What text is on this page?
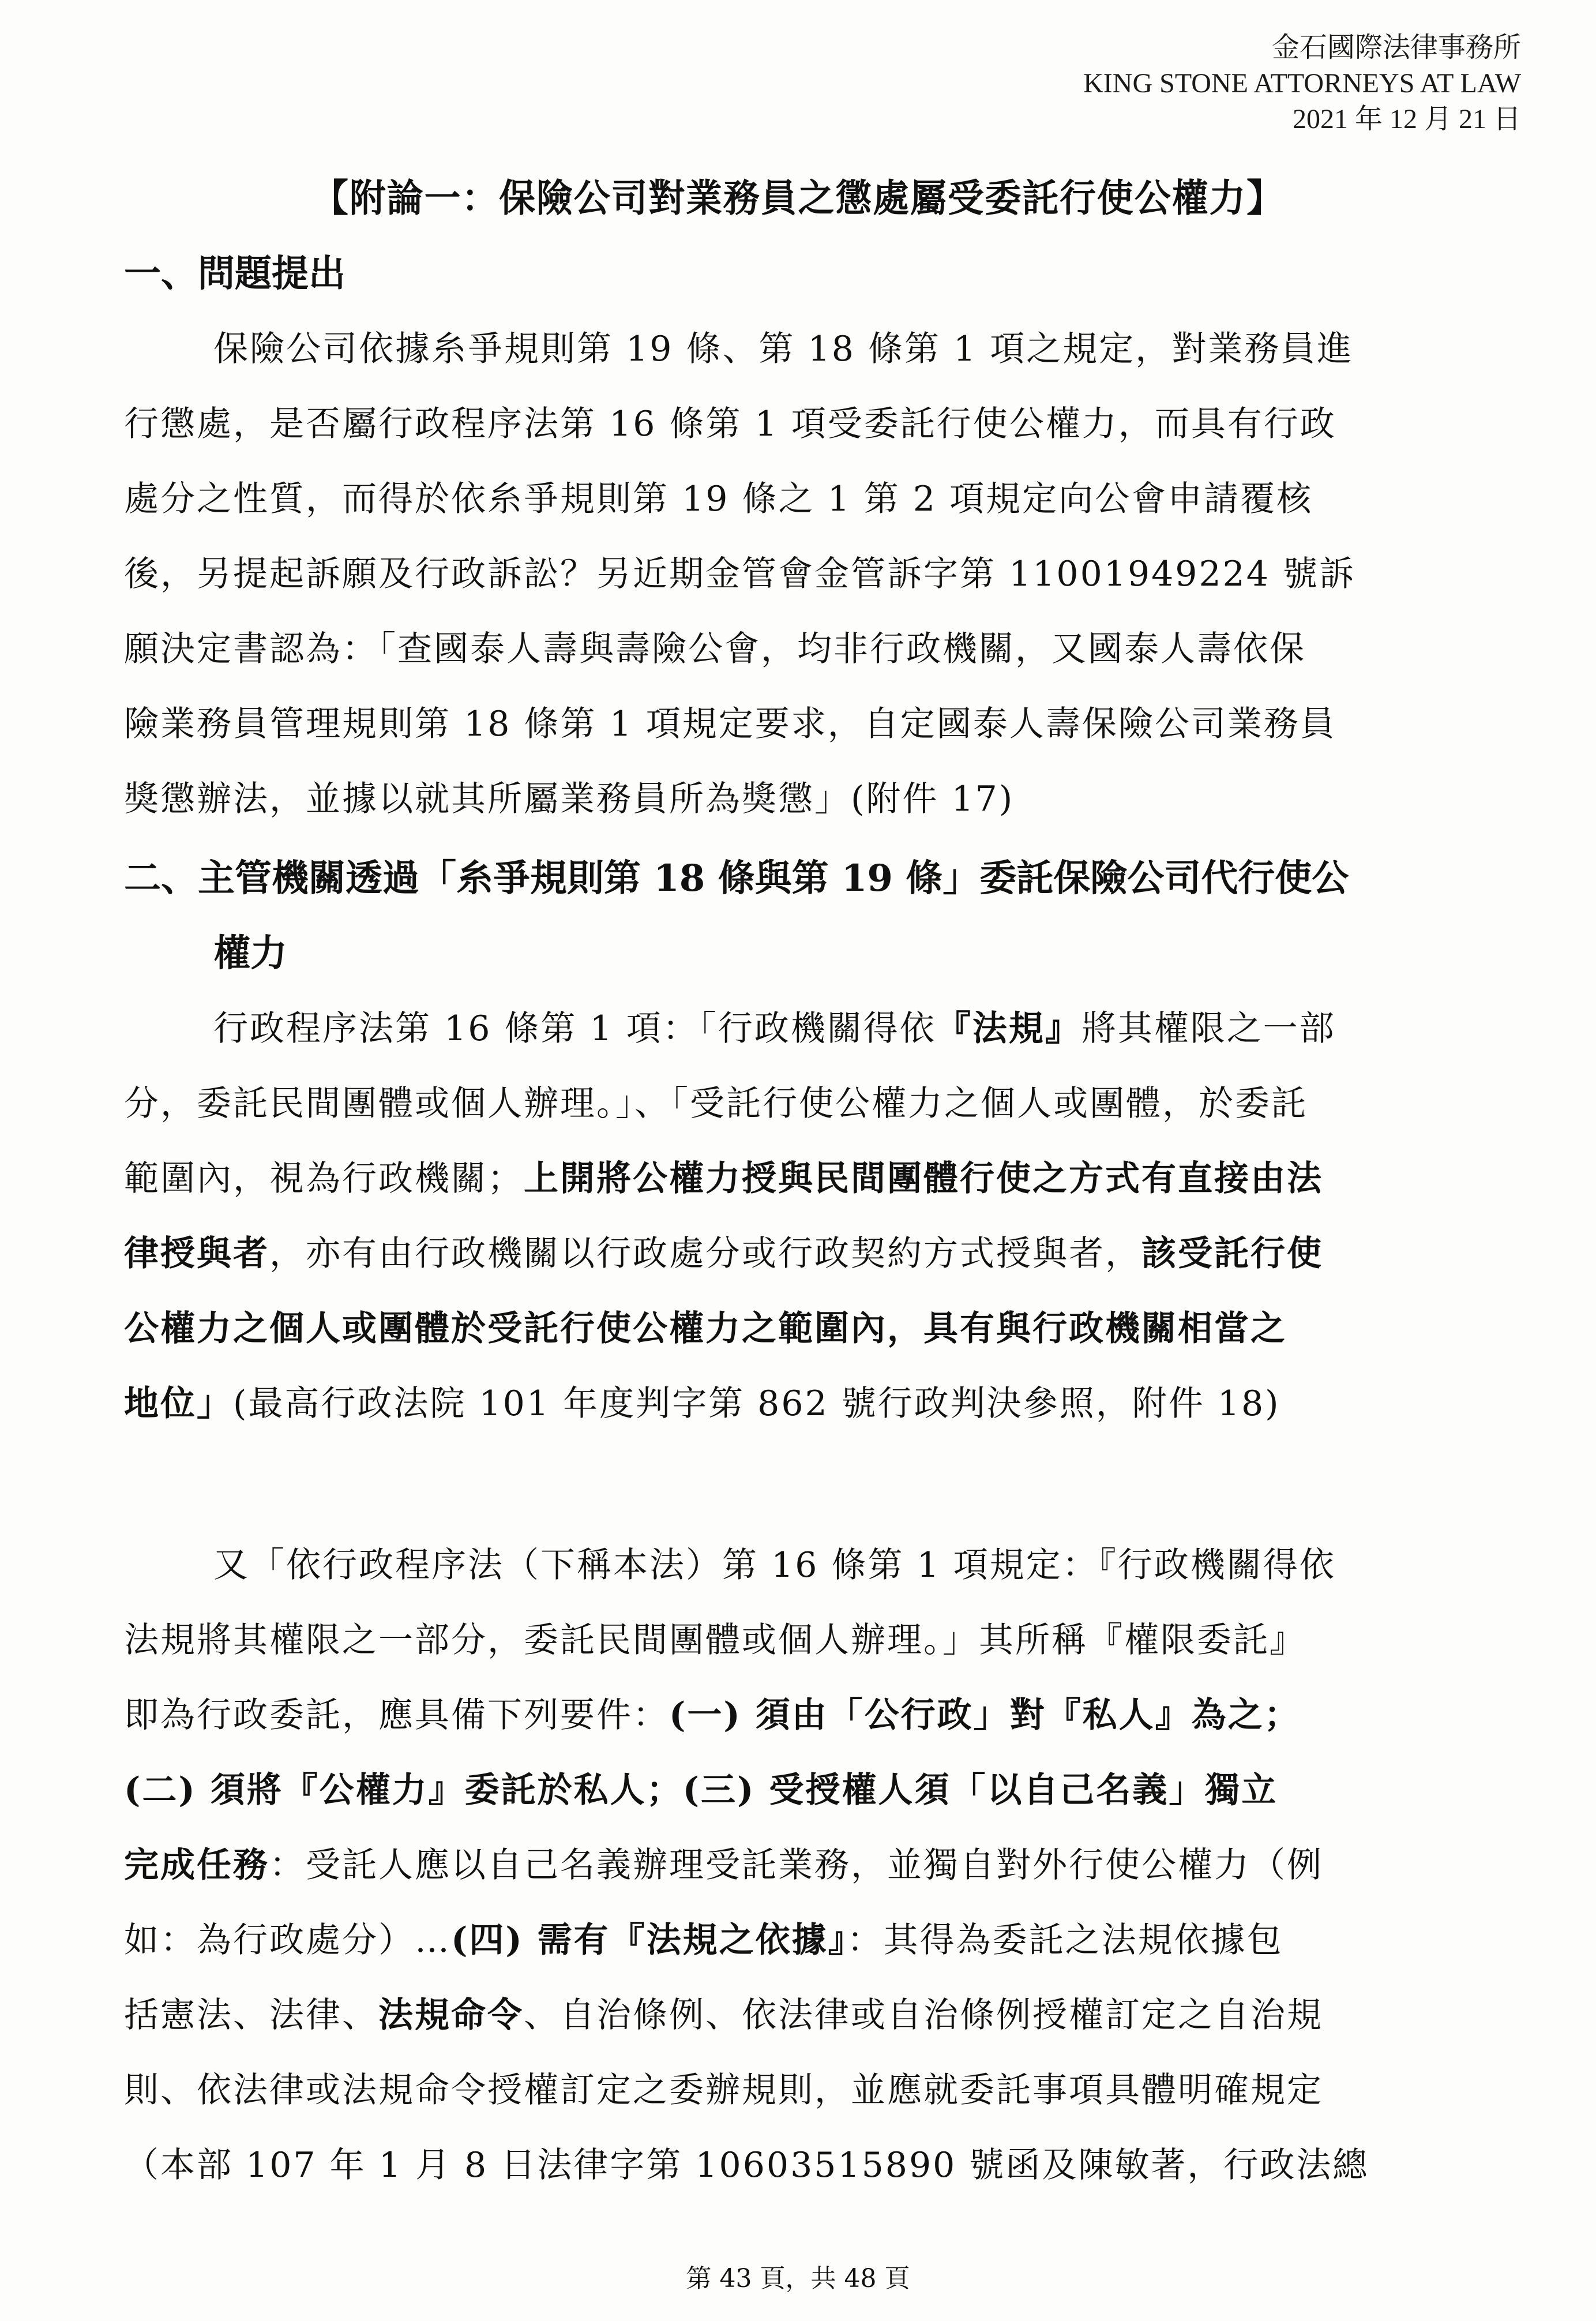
金石國際法律事務所
KING STONE ATTORNEYS AT LAW
2021 年 12 月 21 日
【附論一：保險公司對業務員之懲處屬受委託行使公權力】
一、問題提出
保險公司依據糸爭規則第 19 條、第 18 條第 1 項之規定，對業務員進
行懲處，是否屬行政程序法第 16 條第 1 項受委託行使公權力，而具有行政
處分之性質，而得於依糸爭規則第 19 條之 1 第 2 項規定向公會申請覆核
後，另提起訴願及行政訴訟？另近期金管會金管訴字第 11001949224 號訴
願決定書認為：「查國泰人壽與壽險公會，均非行政機關，又國泰人壽依保
險業務員管理規則第 18 條第 1 項規定要求，自定國泰人壽保險公司業務員
獎懲辦法，並據以就其所屬業務員所為獎懲」(附件 17)
二、主管機關透過「糸爭規則第 18 條與第 19 條」委託保險公司代行使公
權力
行政程序法第 16 條第 1 項：「行政機關得依『法規』將其權限之一部
分，委託民間團體或個人辦理。」、「受託行使公權力之個人或團體，於委託
範圍內，視為行政機關；上開將公權力授與民間團體行使之方式有直接由法
律授與者，亦有由行政機關以行政處分或行政契約方式授與者，該受託行使
公權力之個人或團體於受託行使公權力之範圍內，具有與行政機關相當之
地位」(最高行政法院 101 年度判字第 862 號行政判決參照，附件 18)
又「依行政程序法（下稱本法）第 16 條第 1 項規定：『行政機關得依
法規將其權限之一部分，委託民間團體或個人辦理。」其所稱『權限委託』
即為行政委託，應具備下列要件：(一) 須由「公行政」對『私人』為之；
(二) 須將『公權力』委託於私人；(三) 受授權人須「以自己名義」獨立
完成任務：受託人應以自己名義辦理受託業務，並獨自對外行使公權力（例
如：為行政處分）…(四) 需有『法規之依據』：其得為委託之法規依據包
括憲法、法律、法規命令、自治條例、依法律或自治條例授權訂定之自治規
則、依法律或法規命令授權訂定之委辦規則，並應就委託事項具體明確規定
（本部 107 年 1 月 8 日法律字第 10603515890 號函及陳敏著，行政法總
第 43 頁，共 48 頁
